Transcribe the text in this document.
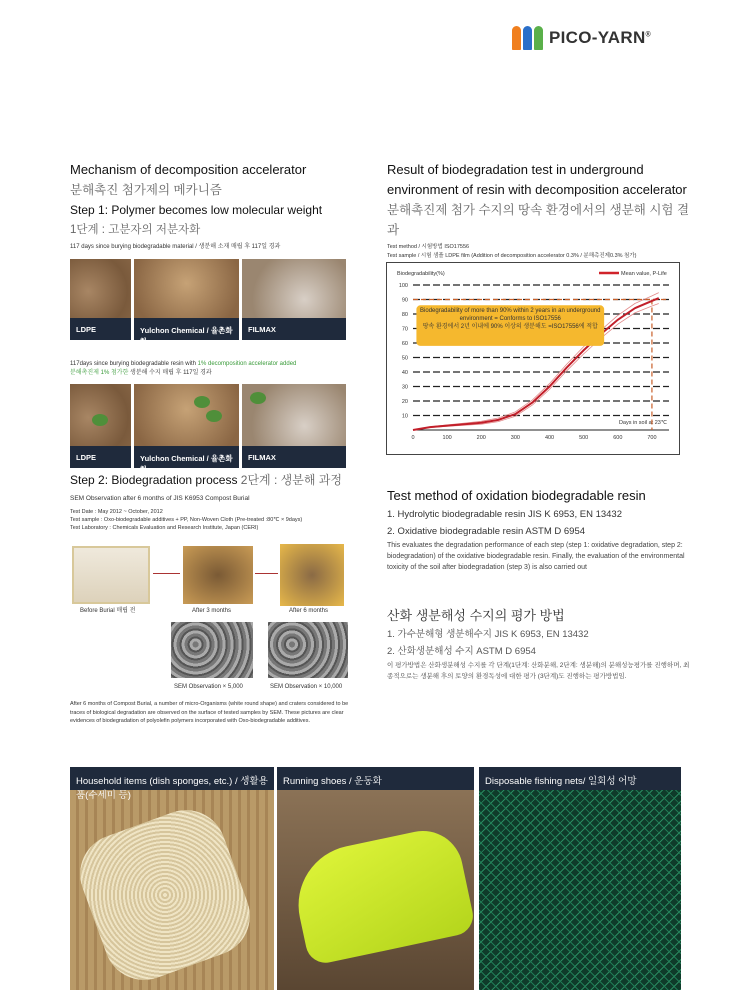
PICO-YARN®
Mechanism of decomposition accelerator
분해촉진 첨가제의 메카니즘
Step 1: Polymer becomes low molecular weight
1단계 : 고분자의 저분자화
117 days since burying biodegradable material / 생분해 소재 매립 후 117일 경과
LDPE	Yulchon Chemical / 율촌화학
FILMAX
117days since burying biodegradable resin with 1% decomposition accelerator added
분해촉진제 1% 첨가한 생분해 수지 매립 후 117일 경과
LDPE	Yulchon Chemical / 율촌화학
FILMAX
Step 2: Biodegradation process 2단계 : 생분해 과정
SEM Observation after 6 months of JIS K6953 Compost Burial
Test Date : May 2012 ~ October, 2012
Test sample : Oxo-biodegradable additives + PP, Non-Woven Cloth (Pre-treated :80℃ × 9days)
Test Laboratory : Chemicals Evaluation and Research Institute, Japan (CERI)
Before Burial 매립 전	After 3 months	After 6 months
SEM Observation × 5,000	SEM Observation × 10,000
After 6 months of Compost Burial, a number of micro-Organisms (white round shape) and craters considered to be traces of biological degradation are observed on the surface of tested samples by SEM. These pictures are clear evidences of biodegradation of polyolefin polymers incorporated with Oxo-biodegradable additives.
Result of biodegradation test in underground
environment of resin with decomposition accelerator
분해촉진제 첨가 수지의 땅속 환경에서의 생분해 시험 결과
Test method / 시험방법 ISO17556
Test sample / 시험 샘플 LDPE film (Addition of decomposition accelerator 0.3% / 분해촉진제0.3% 첨가)
10
20
30
40
50
60
70
80
90
100
0	100	200	300	400	500	600	700
Biodegradability(%)
Days in soil at 23℃
Mean value, P-Life
Biodegradability of more than 90% within 2 years in an underground environment = Conforms to ISO17556
땅속 환경에서 2년 이내에 90% 이상의 생분해도 =ISO17556에 적합
Test method of oxidation biodegradable resin
1. Hydrolytic biodegradable resin JIS K 6953, EN 13432
2. Oxidative biodegradable resin ASTM D 6954
This evaluates the degradation performance of each step (step 1: oxidative degradation, step 2: biodegradation) of the oxidative biodegradable resin. Finally, the evaluation of the environmental toxicity of the soil after biodegradation (step 3) is also carried out
산화 생분해성 수지의 평가 방법
1. 가수분해형 생분해수지 JIS K 6953, EN 13432
2. 산화생분해성 수지 ASTM D 6954
이 평가방법은 산화생분해성 수지를 각 단계(1단계: 산화분해, 2단계: 생분해)의 분해성능평가를 진행하며, 최종적으로는 생분해 후의 토양의 환경독성에 대한 평가 (3단계)도 진행하는 평가방법임.
Household items (dish sponges, etc.) / 생활용품(수세미 등)
Running shoes / 운동화	Disposable fishing nets/ 일회성 어망
